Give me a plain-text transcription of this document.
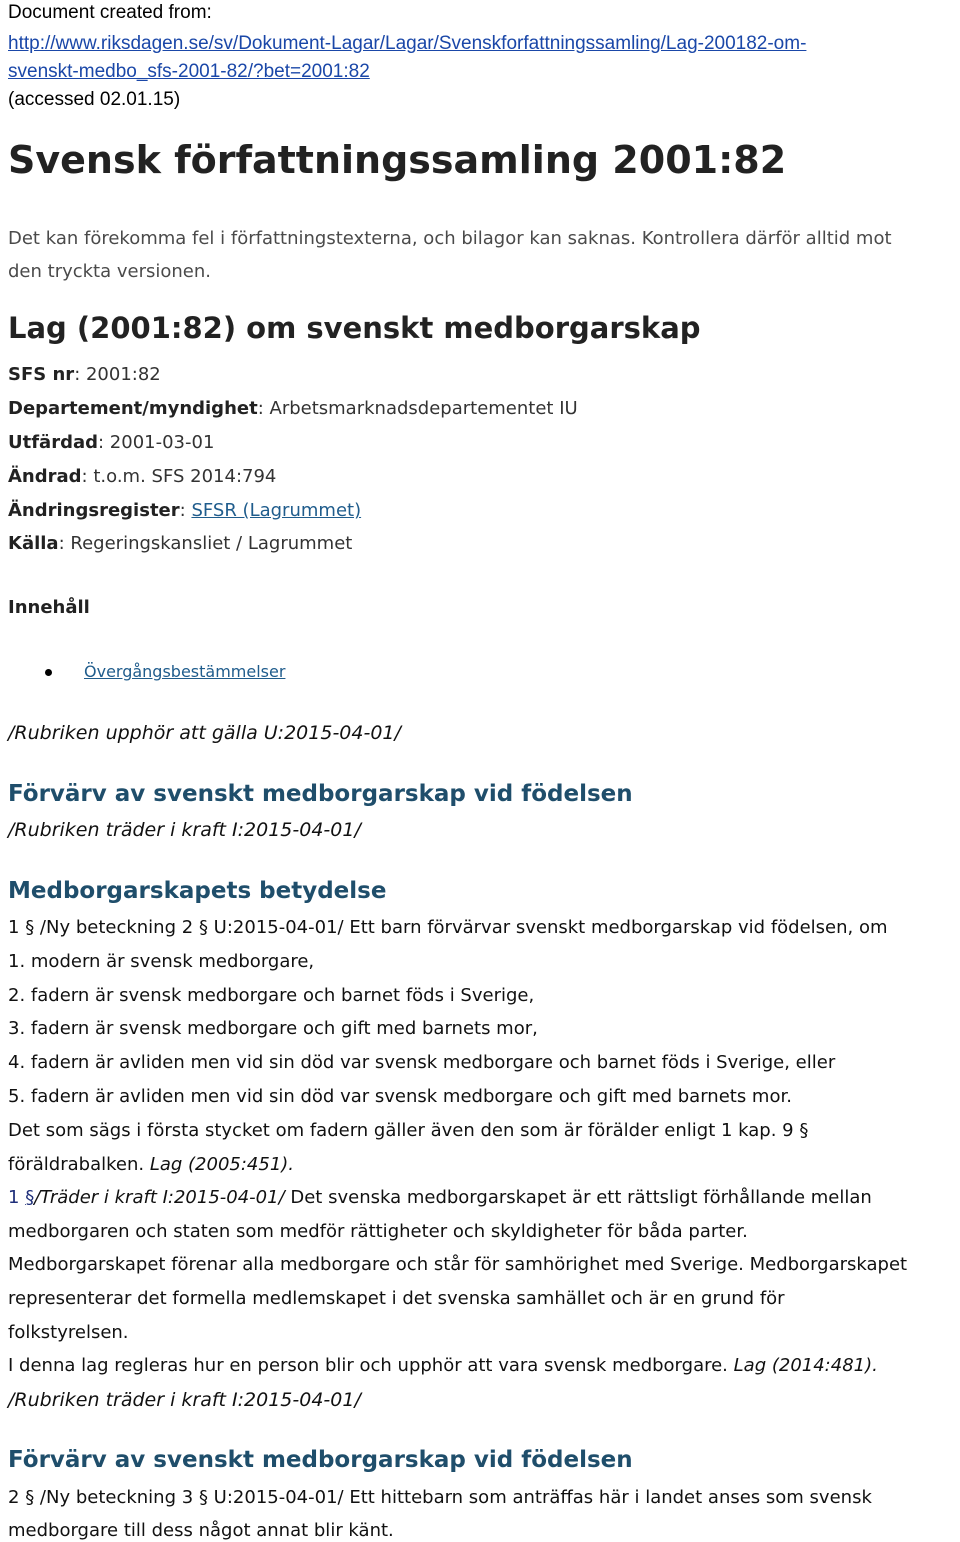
Document created from:
http://www.riksdagen.se/sv/Dokument-Lagar/Lagar/Svenskforfattningssamling/Lag-200182-om-
svenskt-medbo_sfs-2001-82/?bet=2001:82
(accessed 02.01.15)
Svensk författningssamling 2001:82
Det kan förekomma fel i författningstexterna, och bilagor kan saknas. Kontrollera därför alltid mot
den tryckta versionen.
Lag (2001:82) om svenskt medborgarskap
SFS nr: 2001:82
Departement/myndighet: Arbetsmarknadsdepartementet IU
Utfärdad: 2001-03-01
Ändrad: t.o.m. SFS 2014:794
Ändringsregister: SFSR (Lagrummet)
Källa: Regeringskansliet / Lagrummet
Innehåll
Övergångsbestämmelser
/Rubriken upphör att gälla U:2015-04-01/
Förvärv av svenskt medborgarskap vid födelsen
/Rubriken träder i kraft I:2015-04-01/
Medborgarskapets betydelse
1 § /Ny beteckning 2 § U:2015-04-01/ Ett barn förvärvar svenskt medborgarskap vid födelsen, om
1. modern är svensk medborgare,
2. fadern är svensk medborgare och barnet föds i Sverige,
3. fadern är svensk medborgare och gift med barnets mor,
4. fadern är avliden men vid sin död var svensk medborgare och barnet föds i Sverige, eller
5. fadern är avliden men vid sin död var svensk medborgare och gift med barnets mor.
Det som sägs i första stycket om fadern gäller även den som är förälder enligt 1 kap. 9 §
föräldrabalken. Lag (2005:451).
1 §/Träder i kraft I:2015-04-01/ Det svenska medborgarskapet är ett rättsligt förhållande mellan
medborgaren och staten som medför rättigheter och skyldigheter för båda parter.
Medborgarskapet förenar alla medborgare och står för samhörighet med Sverige. Medborgarskapet
representerar det formella medlemskapet i det svenska samhället och är en grund för
folkstyrelsen.
I denna lag regleras hur en person blir och upphör att vara svensk medborgare. Lag (2014:481).
/Rubriken träder i kraft I:2015-04-01/
Förvärv av svenskt medborgarskap vid födelsen
2 § /Ny beteckning 3 § U:2015-04-01/ Ett hittebarn som anträffas här i landet anses som svensk
medborgare till dess något annat blir känt.
